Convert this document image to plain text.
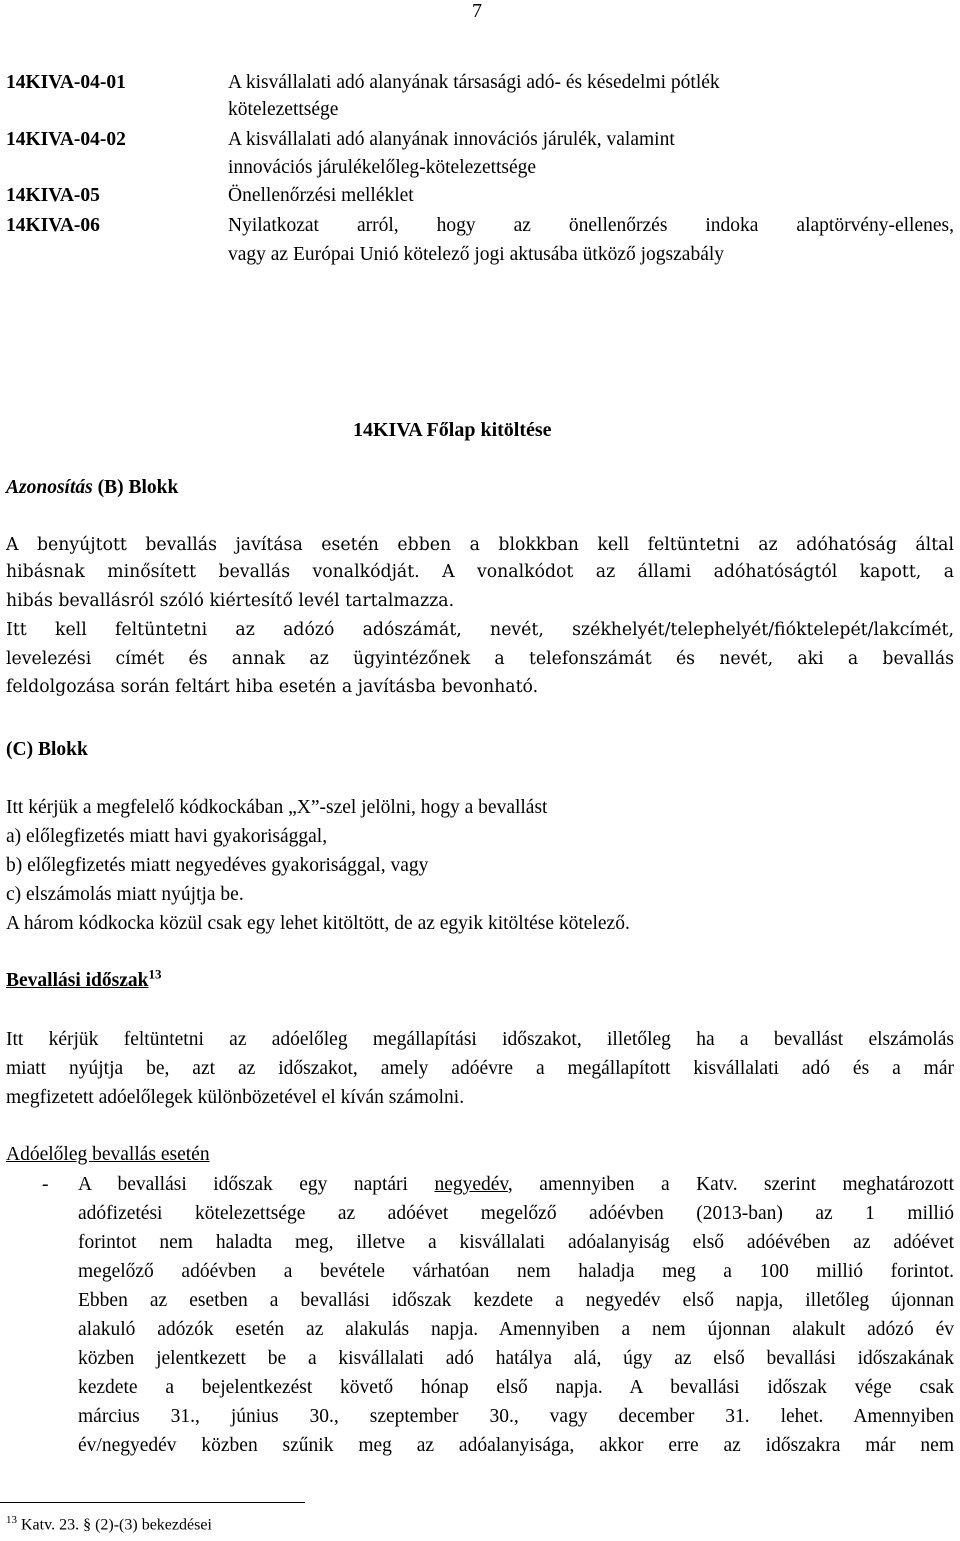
7
14KIVA-04-01	A kisvállalati adó alanyának társasági adó- és késedelmi pótlék
kötelezettsége
14KIVA-04-02	A kisvállalati adó alanyának innovációs járulék, valamint
innovációs járulékelőleg-kötelezettsége
14KIVA-05	Önellenőrzési melléklet
14KIVA-06	Nyilatkozat arról, hogy az önellenőrzés indoka alaptörvény-ellenes,
vagy az Európai Unió kötelező jogi aktusába ütköző jogszabály
14KIVA Főlap kitöltése
Azonosítás (B) Blokk
A benyújtott bevallás javítása esetén ebben a blokkban kell feltüntetni az adóhatóság által
hibásnak minősített bevallás vonalkódját. A vonalkódot az állami adóhatóságtól kapott, a
hibás bevallásról szóló kiértesítő levél tartalmazza.
Itt kell feltüntetni az adózó adószámát, nevét, székhelyét/telephelyét/fióktelepét/lakcímét,
levelezési címét és annak az ügyintézőnek a telefonszámát és nevét, aki a bevallás
feldolgozása során feltárt hiba esetén a javításba bevonható.
(C) Blokk
Itt kérjük a megfelelő kódkockában „X”-szel jelölni, hogy a bevallást
a) előlegfizetés miatt havi gyakorisággal,
b) előlegfizetés miatt negyedéves gyakorisággal, vagy
c) elszámolás miatt nyújtja be.
A három kódkocka közül csak egy lehet kitöltött, de az egyik kitöltése kötelező.
Bevallási időszak$^{13}$
Itt kérjük feltüntetni az adóelőleg megállapítási időszakot, illetőleg ha a bevallást elszámolás
miatt nyújtja be, azt az időszakot, amely adóévre a megállapított kisvállalati adó és a már
megfizetett adóelőlegek különbözetével el kíván számolni.
Adóelőleg bevallás esetén
- A bevallási időszak egy naptári negyedév, amennyiben a Katv. szerint meghatározott
adófizetési kötelezettsége az adóévet megelőző adóévben (2013-ban) az 1 millió
forintot nem haladta meg, illetve a kisvállalati adóalanyiság első adóévében az adóévet
megelőző adóévben a bevétele várhatóan nem haladja meg a 100 millió forintot.
Ebben az esetben a bevallási időszak kezdete a negyedév első napja, illetőleg újonnan
alakuló adózók esetén az alakulás napja. Amennyiben a nem újonnan alakult adózó év
közben jelentkezett be a kisvállalati adó hatálya alá, úgy az első bevallási időszakának
kezdete a bejelentkezést követő hónap első napja. A bevallási időszak vége csak
március 31., június 30., szeptember 30., vagy december 31. lehet. Amennyiben
év/negyedév közben szűnik meg az adóalanyisága, akkor erre az időszakra már nem
$^{13}$ Katv. 23. § (2)-(3) bekezdései
